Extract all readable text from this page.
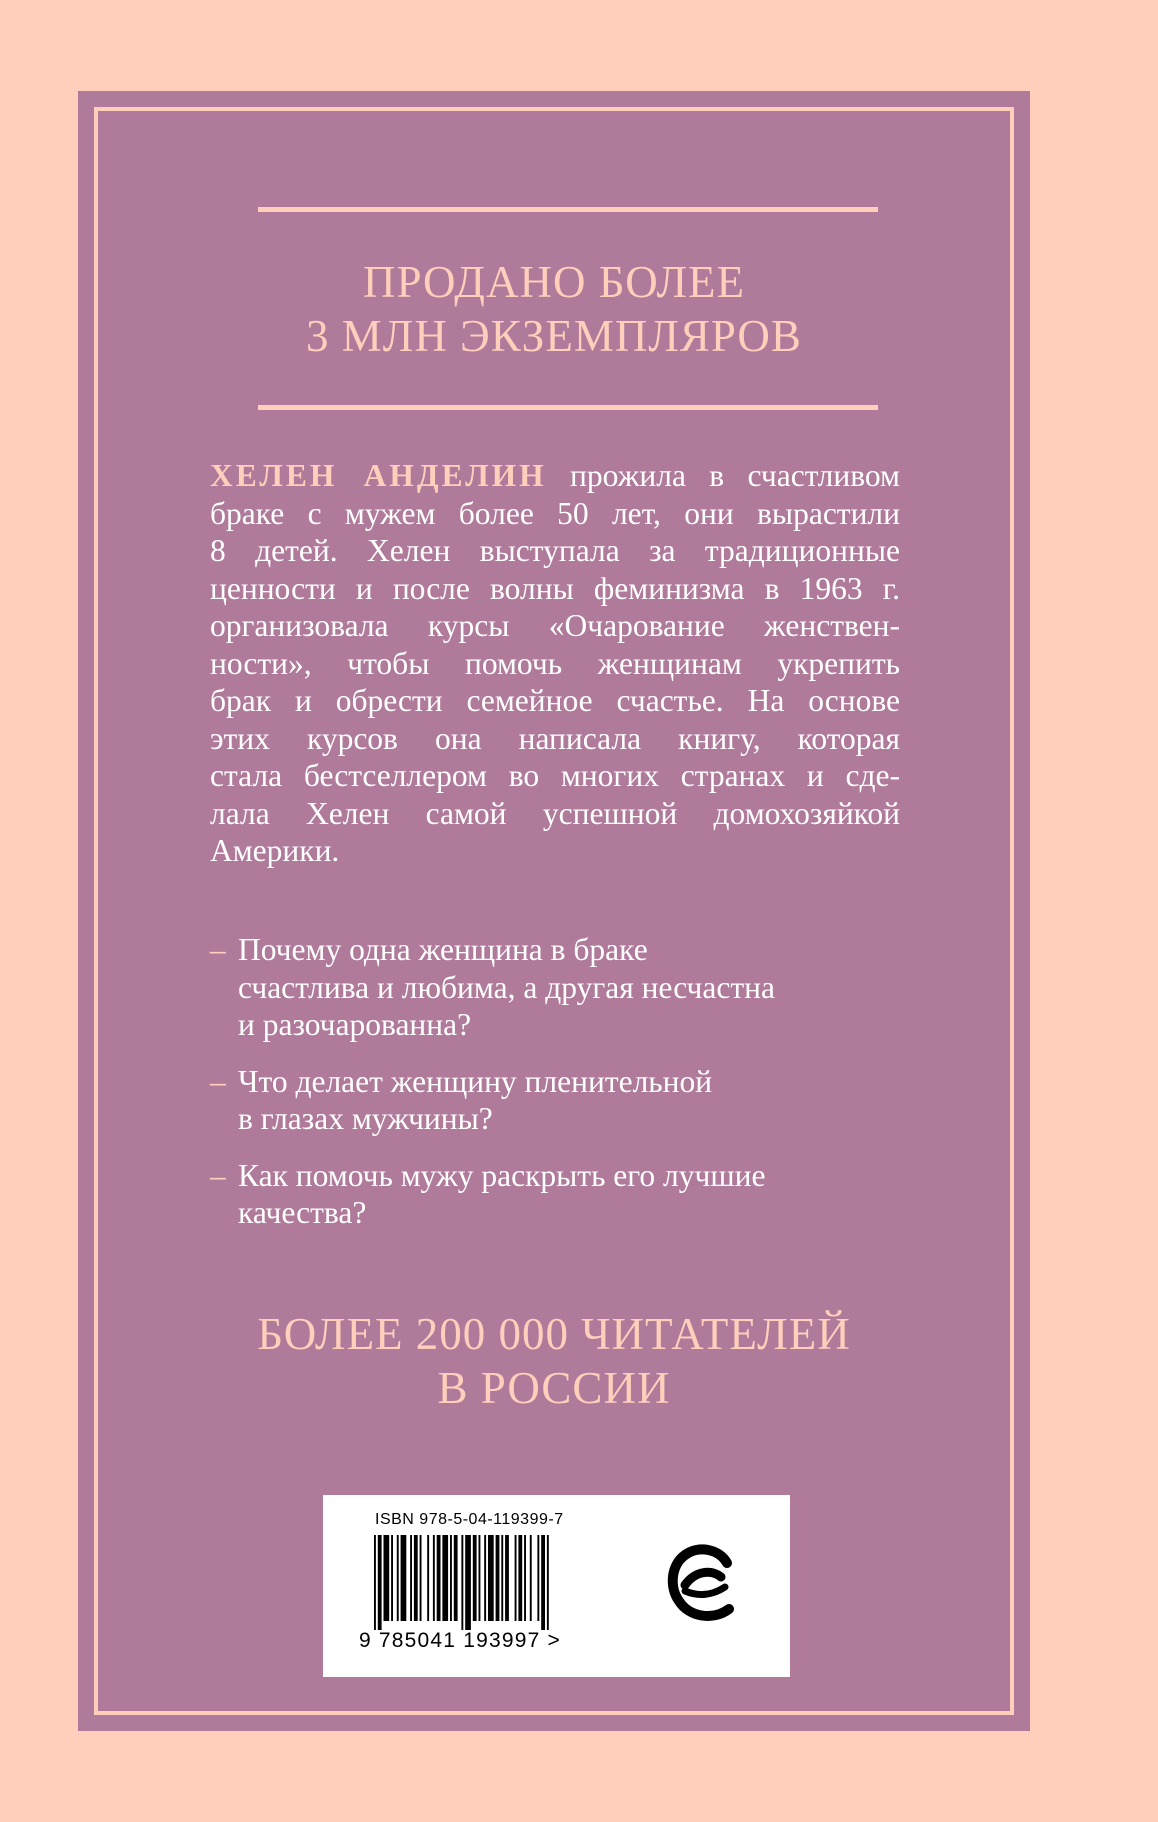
ПРОДАНО БОЛЕЕ
3 МЛН ЭКЗЕМПЛЯРОВ
ХЕЛЕН АНДЕЛИН прожила в счастливом
браке с мужем более 50 лет, они вырастили
8 детей. Хелен выступала за традиционные
ценности и после волны феминизма в 1963 г.
организовала курсы «Очарование женствен-
ности», чтобы помочь женщинам укрепить
брак и обрести семейное счастье. На основе
этих курсов она написала книгу, которая
стала бестселлером во многих странах и сде-
лала Хелен самой успешной домохозяйкой
Америки.
– Почему одна женщина в браке
счастлива и любима, а другая несчастна
и разочарованна?
– Что делает женщину пленительной
в глазах мужчины?
– Как помочь мужу раскрыть его лучшие
качества?
БОЛЕЕ 200 000 ЧИТАТЕЛЕЙ
В РОССИИ
ISBN 978-5-04-119399-7
9 785041 193997 >
